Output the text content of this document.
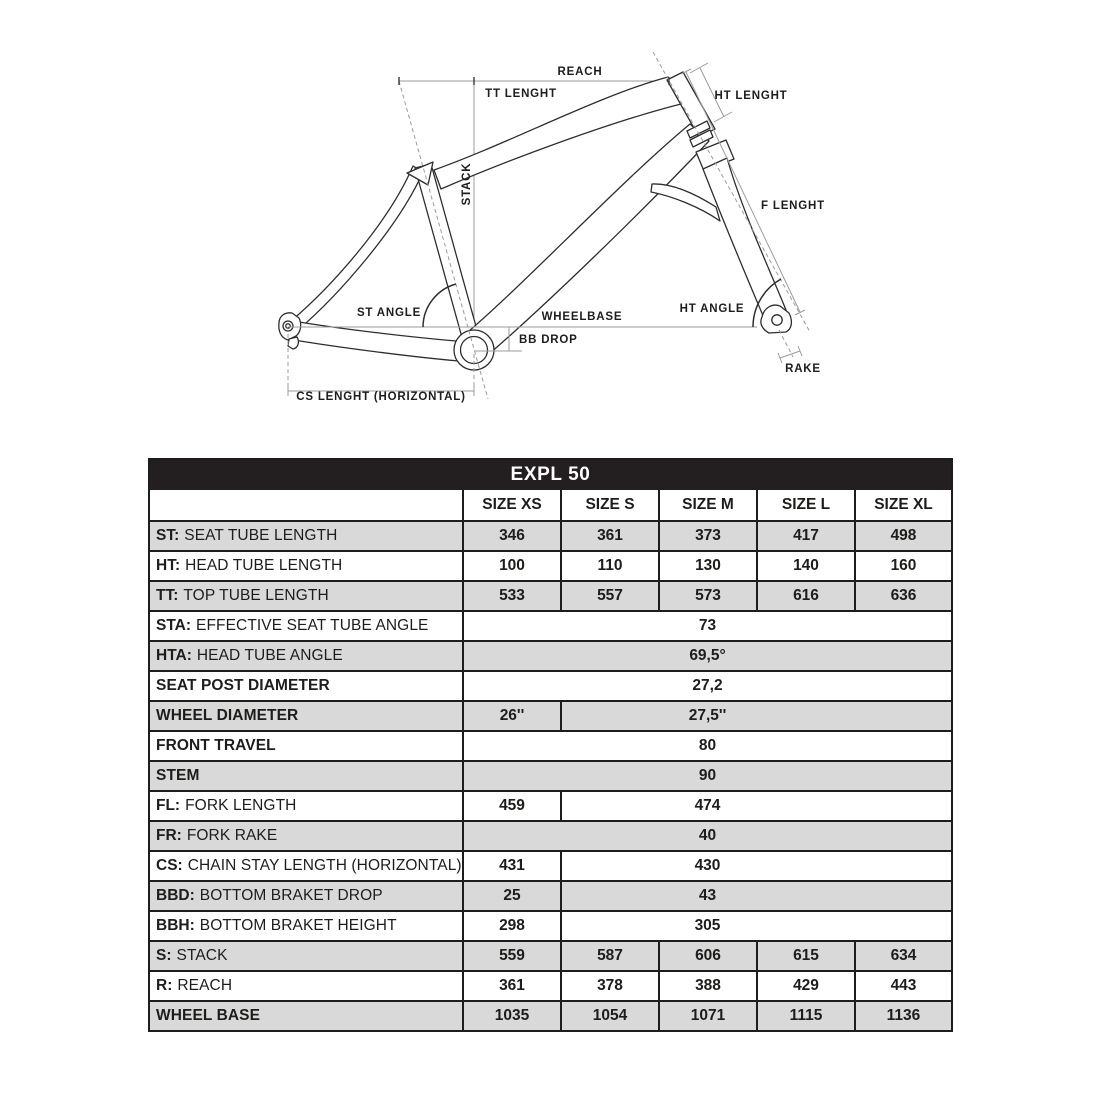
REACH
TT LENGHT	HT LENGHT
STACK
F LENGHT
ST ANGLE	WHEELBASE
BB DROP
HT ANGLE
RAKE
CS LENGHT (HORIZONTAL)
EXPL 50
SIZE XS	SIZE S	SIZE M	SIZE L	SIZE XL
ST: SEAT TUBE LENGTH	346	361	373	417	498
HT: HEAD TUBE LENGTH	100	110	130	140	160
TT: TOP TUBE LENGTH	533	557	573	616	636
STA: EFFECTIVE SEAT TUBE ANGLE	73
HTA: HEAD TUBE ANGLE	69,5°
SEAT POST DIAMETER	27,2
WHEEL DIAMETER	26''	27,5''
FRONT TRAVEL	80
STEM	90
FL: FORK LENGTH	459	474
FR: FORK RAKE	40
CS: CHAIN STAY LENGTH (HORIZONTAL)	431	430
BBD: BOTTOM BRAKET DROP	25	43
BBH: BOTTOM BRAKET HEIGHT	298	305
S: STACK	559	587	606	615	634
R: REACH	361	378	388	429	443
WHEEL BASE	1035	1054	1071	1115	1136
